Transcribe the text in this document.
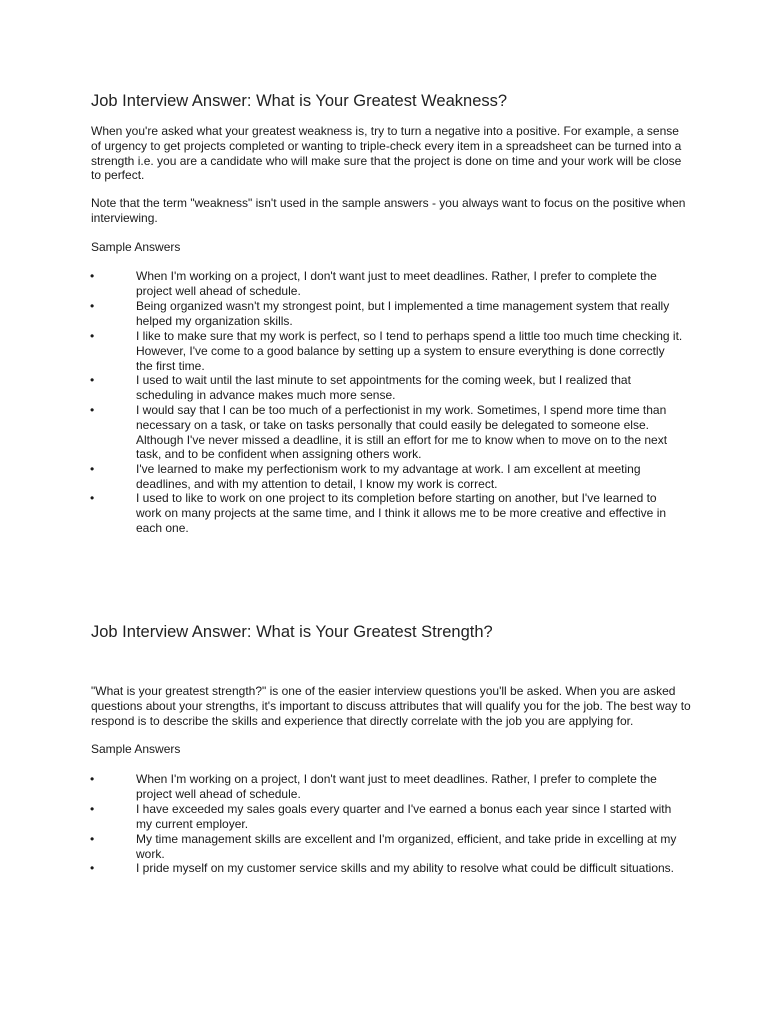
Job Interview Answer: What is Your Greatest Weakness?

When you're asked what your greatest weakness is, try to turn a negative into a positive. For example, a sense of urgency to get projects completed or wanting to triple-check every item in a spreadsheet can be turned into a strength i.e. you are a candidate who will make sure that the project is done on time and your work will be close to perfect.

Note that the term "weakness" isn't used in the sample answers - you always want to focus on the positive when interviewing.

Sample Answers

•	When I'm working on a project, I don't want just to meet deadlines. Rather, I prefer to complete the project well ahead of schedule.
•	Being organized wasn't my strongest point, but I implemented a time management system that really helped my organization skills.
•	I like to make sure that my work is perfect, so I tend to perhaps spend a little too much time checking it. However, I've come to a good balance by setting up a system to ensure everything is done correctly the first time.
•	I used to wait until the last minute to set appointments for the coming week, but I realized that scheduling in advance makes much more sense.
•	I would say that I can be too much of a perfectionist in my work. Sometimes, I spend more time than necessary on a task, or take on tasks personally that could easily be delegated to someone else. Although I've never missed a deadline, it is still an effort for me to know when to move on to the next task, and to be confident when assigning others work.
•	I've learned to make my perfectionism work to my advantage at work. I am excellent at meeting deadlines, and with my attention to detail, I know my work is correct.
•	I used to like to work on one project to its completion before starting on another, but I've learned to work on many projects at the same time, and I think it allows me to be more creative and effective in each one.
Job Interview Answer: What is Your Greatest Strength?

"What is your greatest strength?" is one of the easier interview questions you'll be asked. When you are asked questions about your strengths, it's important to discuss attributes that will qualify you for the job. The best way to respond is to describe the skills and experience that directly correlate with the job you are applying for.

Sample Answers

•	When I'm working on a project, I don't want just to meet deadlines. Rather, I prefer to complete the project well ahead of schedule.
•	I have exceeded my sales goals every quarter and I've earned a bonus each year since I started with my current employer.
•	My time management skills are excellent and I'm organized, efficient, and take pride in excelling at my work.
•	I pride myself on my customer service skills and my ability to resolve what could be difficult situations.
